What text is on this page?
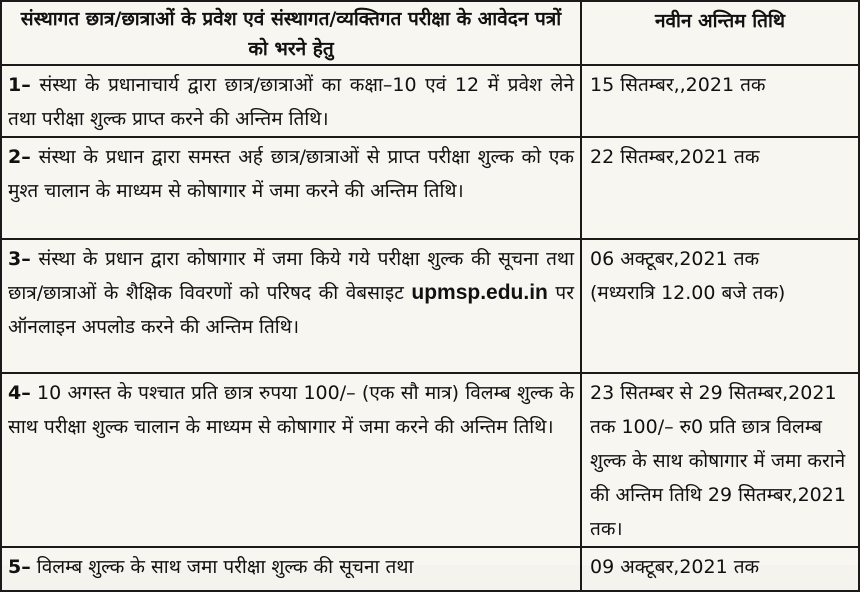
संस्थागत छात्र/छात्राओं के प्रवेश एवं संस्थागत/व्यक्तिगत परीक्षा के आवेदन पत्रों को भरने हेतु	नवीन अन्तिम तिथि
1– संस्था के प्रधानाचार्य द्वारा छात्र/छात्राओं का कक्षा–10 एवं 12 में प्रवेश लेने तथा परीक्षा शुल्क प्राप्त करने की अन्तिम तिथि।	15 सितम्बर,,2021 तक

2– संस्था के प्रधान द्वारा समस्त अर्ह छात्र/छात्राओं से प्राप्त परीक्षा शुल्क को एक मुश्त चालान के माध्यम से कोषागार में जमा करने की अन्तिम तिथि।	22 सितम्बर,2021 तक

3– संस्था के प्रधान द्वारा कोषागार में जमा किये गये परीक्षा शुल्क की सूचना तथा छात्र/छात्राओं के शैक्षिक विवरणों को परिषद की वेबसाइट upmsp.edu.in पर ऑनलाइन अपलोड करने की अन्तिम तिथि।	06 अक्टूबर,2021 तक
(मध्यरात्रि 12.00 बजे तक)

4– 10 अगस्त के पश्चात प्रति छात्र रुपया 100/– (एक सौ मात्र) विलम्ब शुल्क के साथ परीक्षा शुल्क चालान के माध्यम से कोषागार में जमा करने की अन्तिम तिथि।	23 सितम्बर से 29 सितम्बर,2021 तक 100/– रु0 प्रति छात्र विलम्ब शुल्क के साथ कोषागार में जमा कराने की अन्तिम तिथि 29 सितम्बर,2021 तक।

5– विलम्ब शुल्क के साथ जमा परीक्षा शुल्क की सूचना तथा	09 अक्टूबर,2021 तक
